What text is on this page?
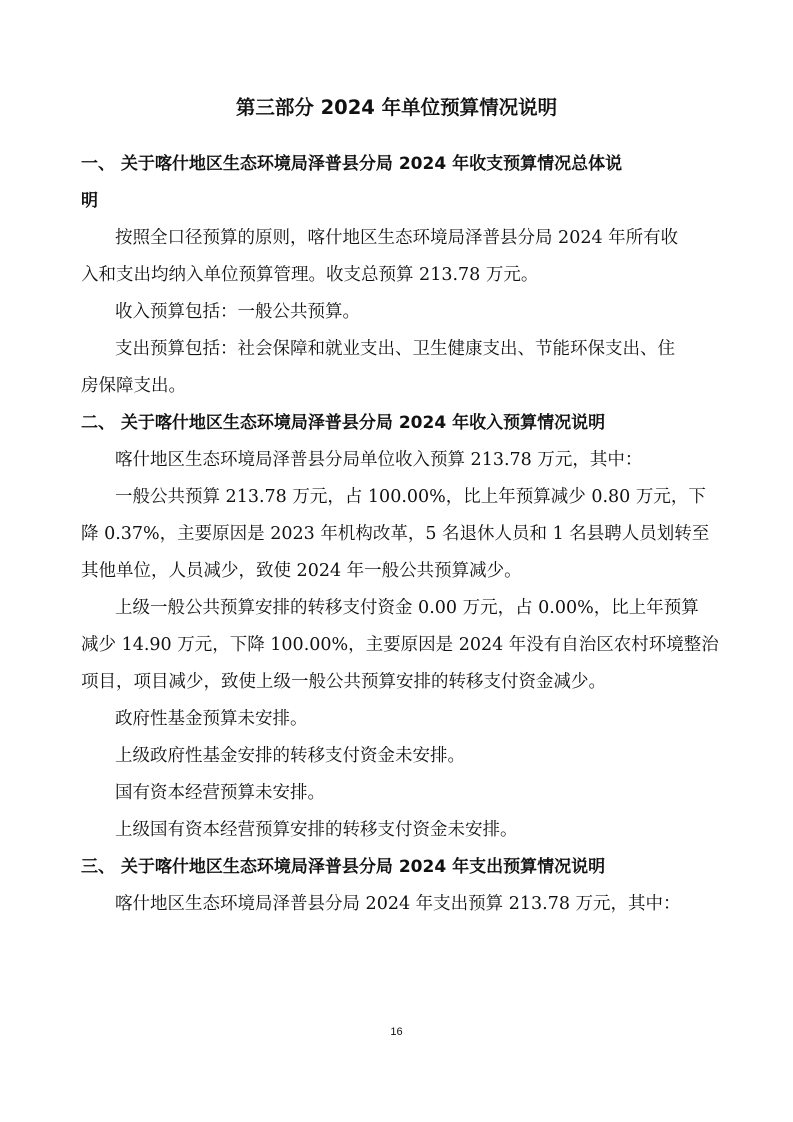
第三部分 2024 年单位预算情况说明
一、 关于喀什地区生态环境局泽普县分局 2024 年收支预算情况总体说
明
按照全口径预算的原则，喀什地区生态环境局泽普县分局 2024 年所有收
入和支出均纳入单位预算管理。收支总预算 213.78 万元。
收入预算包括：一般公共预算。
支出预算包括：社会保障和就业支出、卫生健康支出、节能环保支出、住
房保障支出。
二、 关于喀什地区生态环境局泽普县分局 2024 年收入预算情况说明
喀什地区生态环境局泽普县分局单位收入预算 213.78 万元，其中：
一般公共预算 213.78 万元，占 100.00%，比上年预算减少 0.80 万元，下
降 0.37%，主要原因是 2023 年机构改革，5 名退休人员和 1 名县聘人员划转至
其他单位，人员减少，致使 2024 年一般公共预算减少。
上级一般公共预算安排的转移支付资金 0.00 万元，占 0.00%，比上年预算
减少 14.90 万元，下降 100.00%，主要原因是 2024 年没有自治区农村环境整治
项目，项目减少，致使上级一般公共预算安排的转移支付资金减少。
政府性基金预算未安排。
上级政府性基金安排的转移支付资金未安排。
国有资本经营预算未安排。
上级国有资本经营预算安排的转移支付资金未安排。
三、 关于喀什地区生态环境局泽普县分局 2024 年支出预算情况说明
喀什地区生态环境局泽普县分局 2024 年支出预算 213.78 万元，其中：
16
